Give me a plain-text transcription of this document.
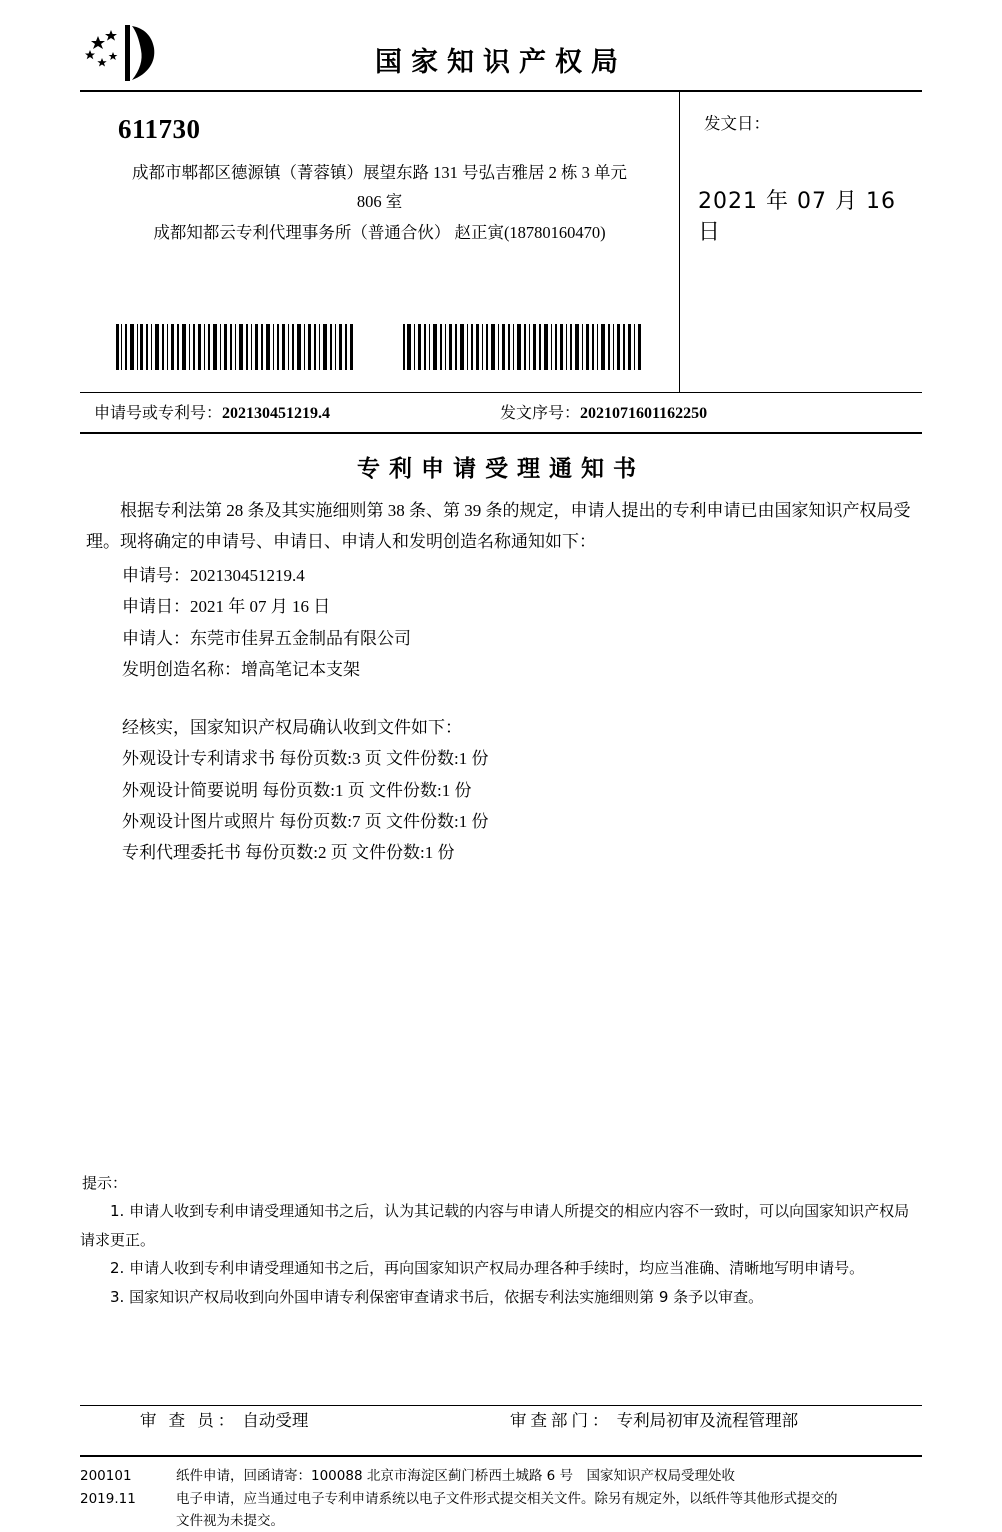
国家知识产权局
611730
成都市郫都区德源镇（菁蓉镇）展望东路 131 号弘吉雅居 2 栋 3 单元
806 室
成都知都云专利代理事务所（普通合伙） 赵正寅(18780160470)
发文日：
2021 年 07 月 16 日
申请号或专利号：202130451219.4	发文序号：2021071601162250
专利申请受理通知书

根据专利法第 28 条及其实施细则第 38 条、第 39 条的规定，申请人提出的专利申请已由国家知识产权局受理。现将确定的申请号、申请日、申请人和发明创造名称通知如下：

申请号：202130451219.4
申请日：2021 年 07 月 16 日
申请人：东莞市佳昇五金制品有限公司
发明创造名称：增高笔记本支架
经核实，国家知识产权局确认收到文件如下：
外观设计专利请求书 每份页数:3 页 文件份数:1 份
外观设计简要说明 每份页数:1 页 文件份数:1 份
外观设计图片或照片 每份页数:7 页 文件份数:1 份
专利代理委托书 每份页数:2 页 文件份数:1 份
提示：
1. 申请人收到专利申请受理通知书之后，认为其记载的内容与申请人所提交的相应内容不一致时，可以向国家知识产权局请求更正。
2. 申请人收到专利申请受理通知书之后，再向国家知识产权局办理各种手续时，均应当准确、清晰地写明申请号。
3. 国家知识产权局收到向外国申请专利保密审查请求书后，依据专利法实施细则第 9 条予以审查。
审 查 员： 自动受理	审查部门： 专利局初审及流程管理部
200101
2019.11
纸件申请，回函请寄：100088 北京市海淀区蓟门桥西土城路 6 号　国家知识产权局受理处收
电子申请，应当通过电子专利申请系统以电子文件形式提交相关文件。除另有规定外，以纸件等其他形式提交的
文件视为未提交。
